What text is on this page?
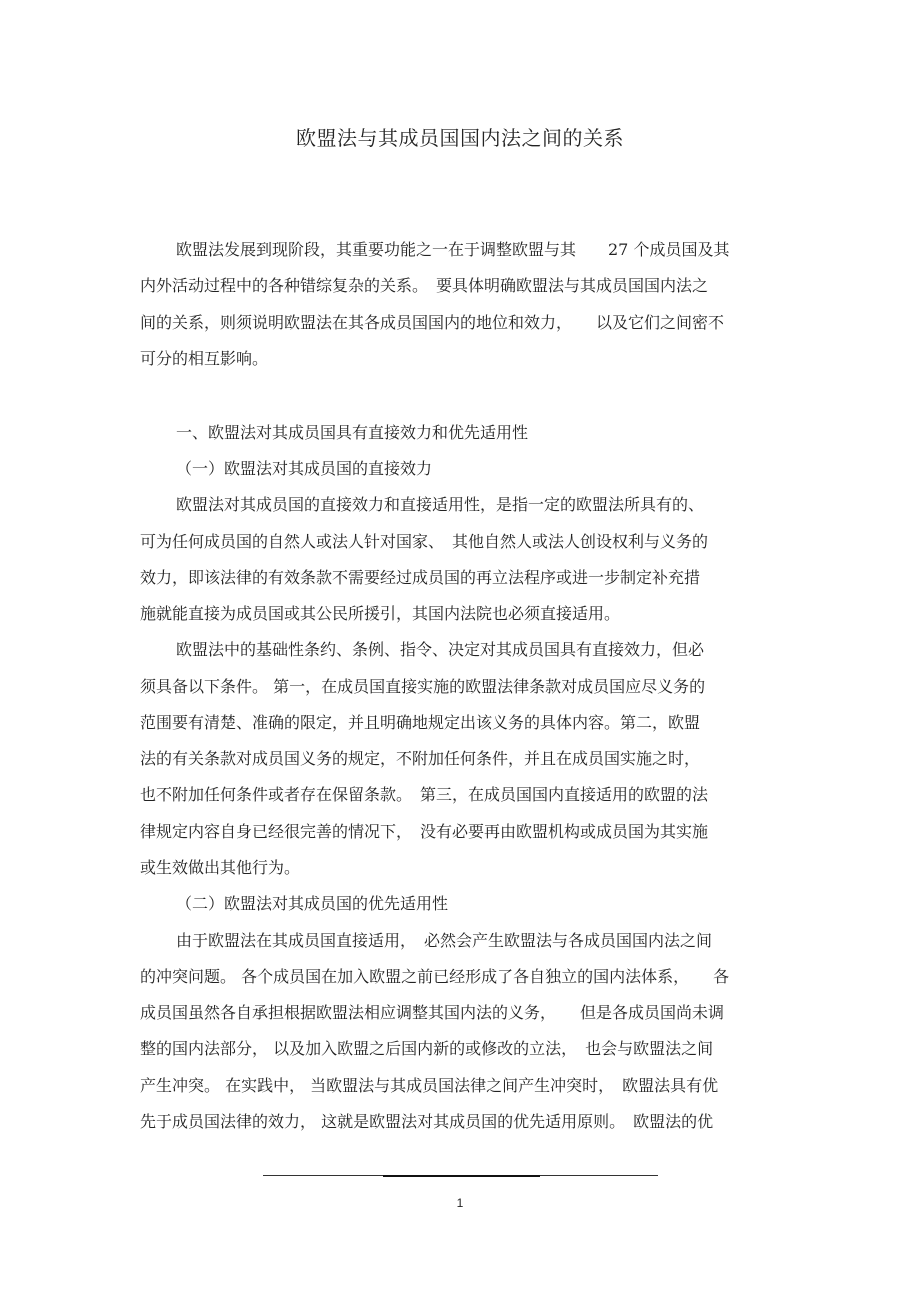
欧盟法与其成员国国内法之间的关系
欧盟法发展到现阶段，其重要功能之一在于调整欧盟与其　　27 个成员国及其
内外活动过程中的各种错综复杂的关系。　要具体明确欧盟法与其成员国国内法之
间的关系，则须说明欧盟法在其各成员国国内的地位和效力，　　以及它们之间密不
可分的相互影响。
一、欧盟法对其成员国具有直接效力和优先适用性
（一）欧盟法对其成员国的直接效力
欧盟法对其成员国的直接效力和直接适用性，是指一定的欧盟法所具有的、
可为任何成员国的自然人或法人针对国家、　其他自然人或法人创设权利与义务的
效力，即该法律的有效条款不需要经过成员国的再立法程序或进一步制定补充措
施就能直接为成员国或其公民所援引，其国内法院也必须直接适用。
欧盟法中的基础性条约、条例、指令、决定对其成员国具有直接效力，但必
须具备以下条件。 第一，在成员国直接实施的欧盟法律条款对成员国应尽义务的
范围要有清楚、准确的限定，并且明确地规定出该义务的具体内容。第二，欧盟
法的有关条款对成员国义务的规定，不附加任何条件，并且在成员国实施之时，
也不附加任何条件或者存在保留条款。　第三，在成员国国内直接适用的欧盟的法
律规定内容自身已经很完善的情况下，　没有必要再由欧盟机构或成员国为其实施
或生效做出其他行为。
（二）欧盟法对其成员国的优先适用性
由于欧盟法在其成员国直接适用，　必然会产生欧盟法与各成员国国内法之间
的冲突问题。 各个成员国在加入欧盟之前已经形成了各自独立的国内法体系，　　各
成员国虽然各自承担根据欧盟法相应调整其国内法的义务，　　但是各成员国尚未调
整的国内法部分， 以及加入欧盟之后国内新的或修改的立法，　也会与欧盟法之间
产生冲突。 在实践中， 当欧盟法与其成员国法律之间产生冲突时，　欧盟法具有优
先于成员国法律的效力， 这就是欧盟法对其成员国的优先适用原则。　欧盟法的优
1
